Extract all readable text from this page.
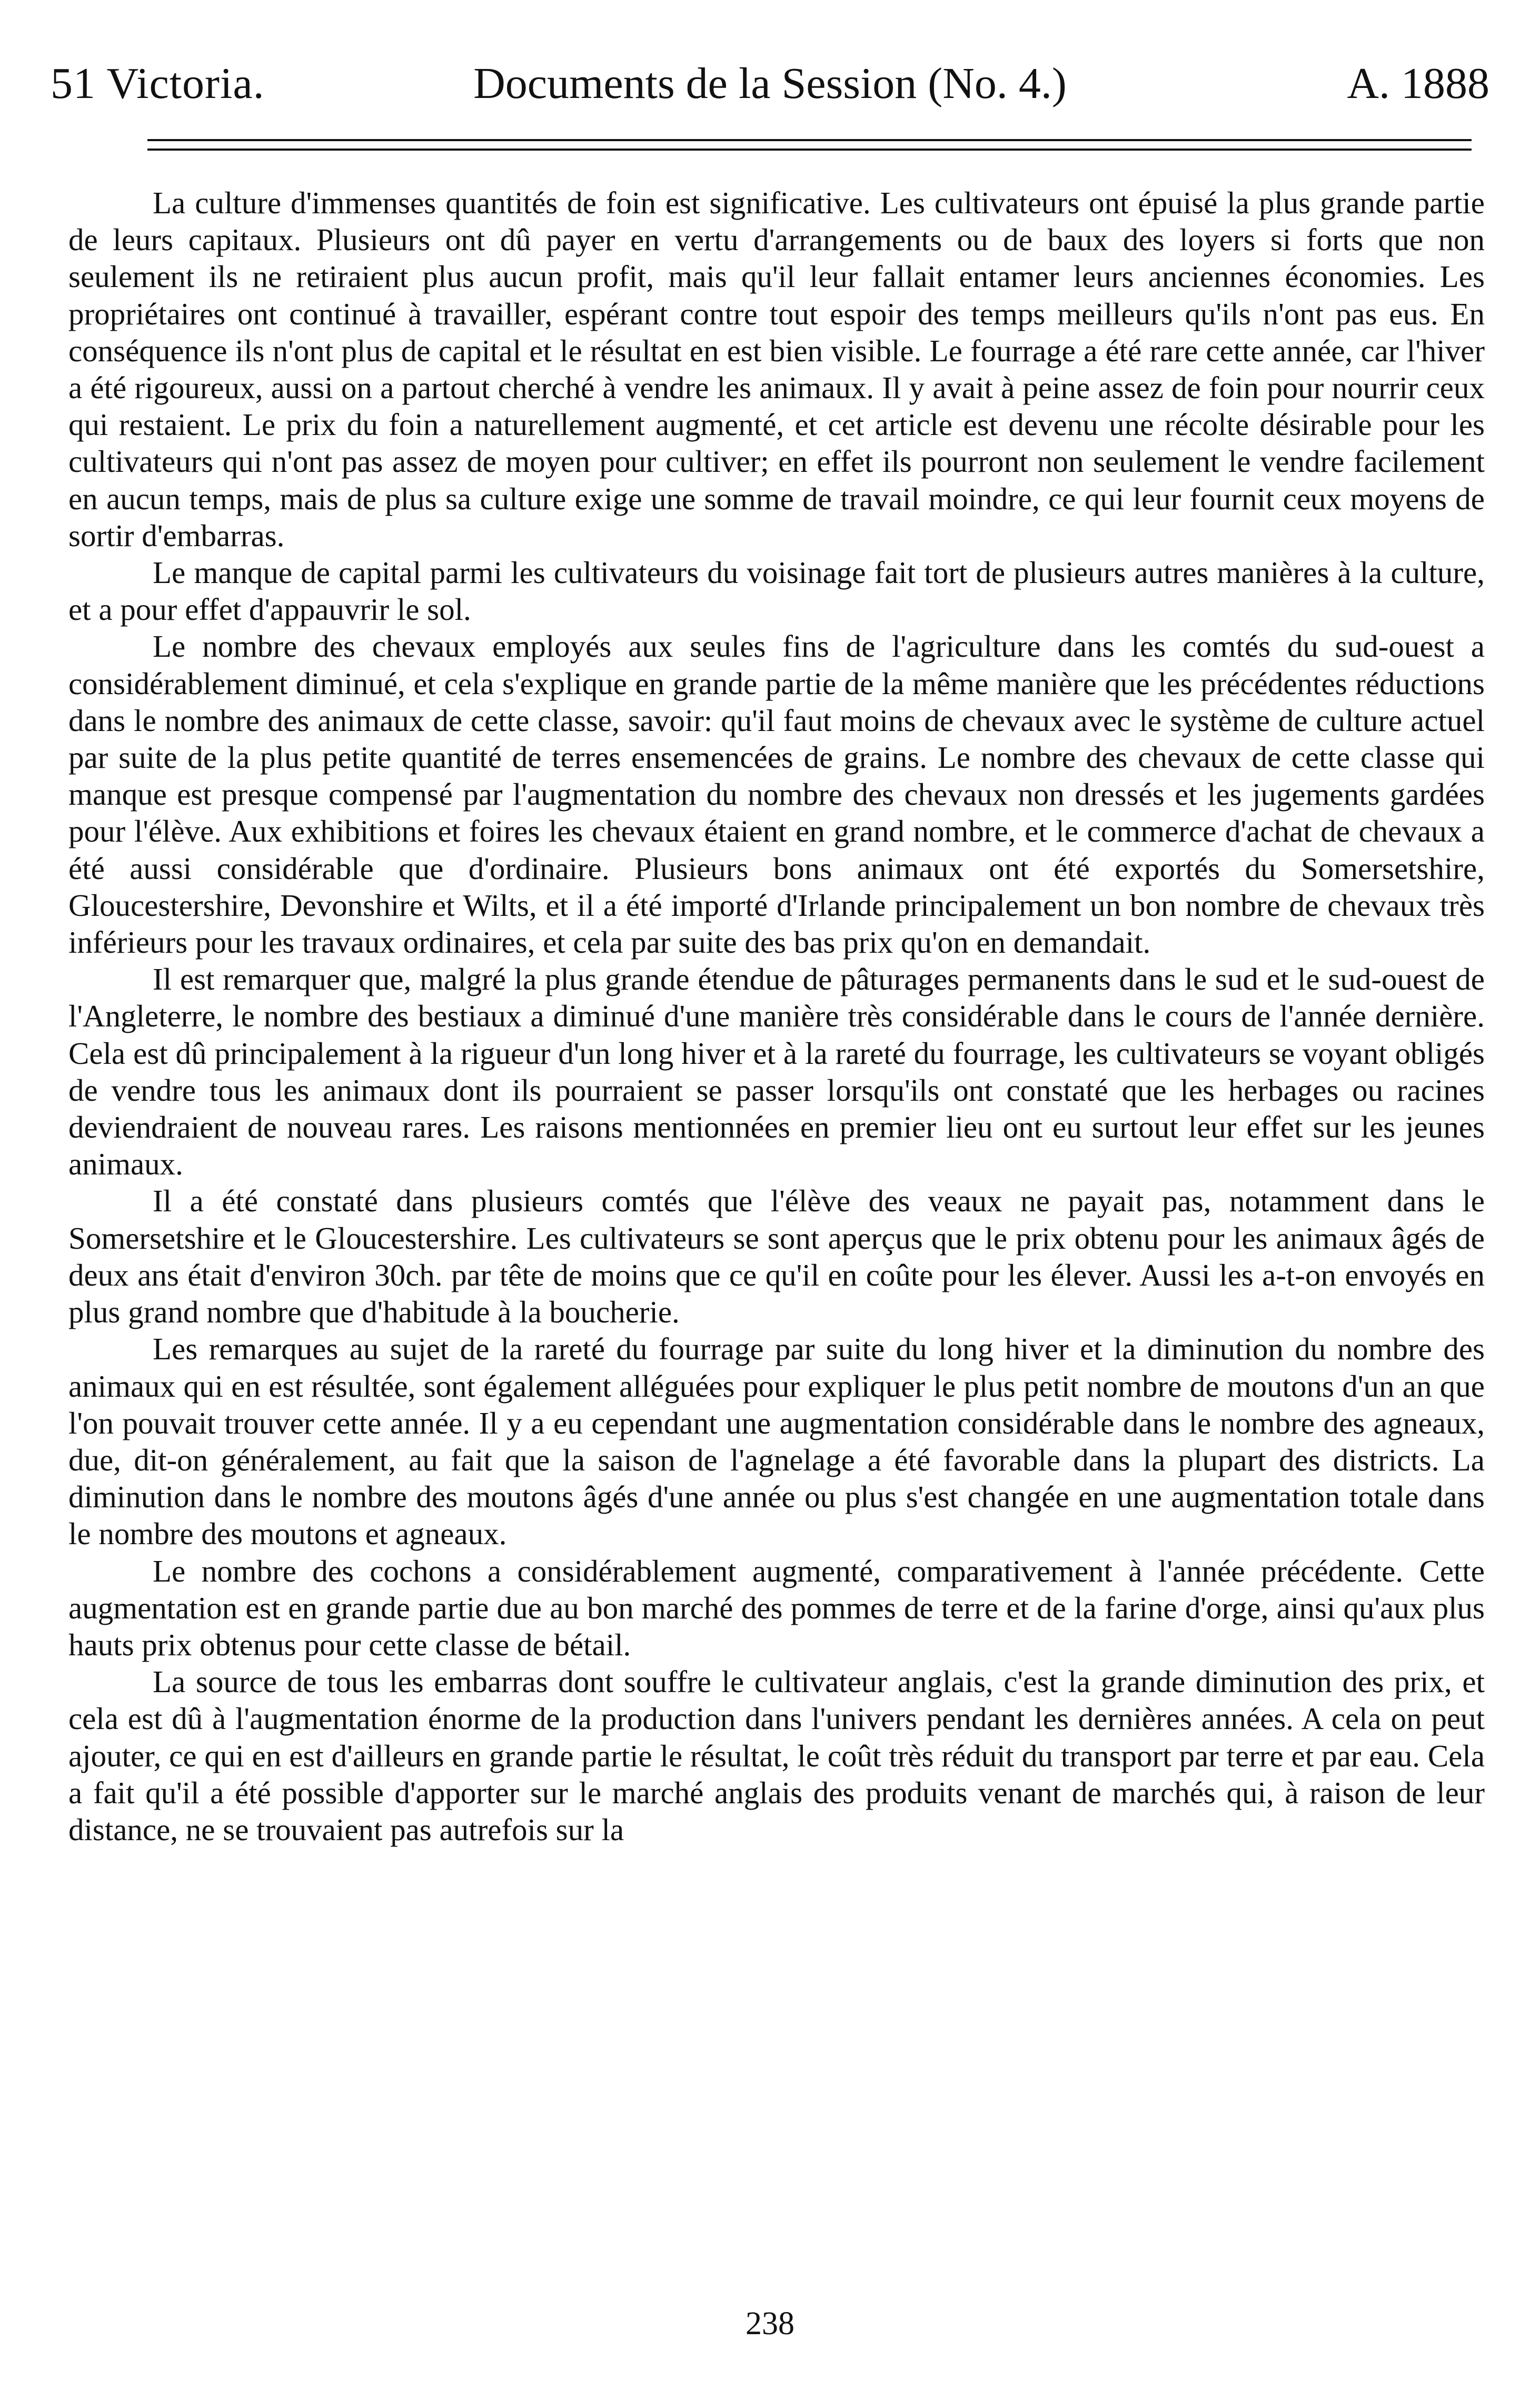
51 Victoria.	Documents de la Session (No. 4.)	A. 1888

La culture d'immenses quantités de foin est significative. Les cultivateurs ont épuisé la plus grande partie de leurs capitaux. Plusieurs ont dû payer en vertu d'arrangements ou de baux des loyers si forts que non seulement ils ne retiraient plus aucun profit, mais qu'il leur fallait entamer leurs anciennes économies. Les propriétaires ont continué à travailler, espérant contre tout espoir des temps meilleurs qu'ils n'ont pas eus. En conséquence ils n'ont plus de capital et le résultat en est bien visible. Le fourrage a été rare cette année, car l'hiver a été rigoureux, aussi on a partout cherché à vendre les animaux. Il y avait à peine assez de foin pour nourrir ceux qui restaient. Le prix du foin a naturellement augmenté, et cet article est devenu une récolte désirable pour les cultivateurs qui n'ont pas assez de moyen pour cultiver; en effet ils pourront non seulement le vendre facilement en aucun temps, mais de plus sa culture exige une somme de travail moindre, ce qui leur fournit ceux moyens de sortir d'embarras.

Le manque de capital parmi les cultivateurs du voisinage fait tort de plusieurs autres manières à la culture, et a pour effet d'appauvrir le sol.

Le nombre des chevaux employés aux seules fins de l'agriculture dans les comtés du sud-ouest a considérablement diminué, et cela s'explique en grande partie de la même manière que les précédentes réductions dans le nombre des animaux de cette classe, savoir: qu'il faut moins de chevaux avec le système de culture actuel par suite de la plus petite quantité de terres ensemencées de grains. Le nombre des chevaux de cette classe qui manque est presque compensé par l'augmentation du nombre des chevaux non dressés et les jugements gardées pour l'élève. Aux exhibitions et foires les chevaux étaient en grand nombre, et le commerce d'achat de chevaux a été aussi considérable que d'ordinaire. Plusieurs bons animaux ont été exportés du Somersetshire, Gloucestershire, Devonshire et Wilts, et il a été importé d'Irlande principalement un bon nombre de chevaux très inférieurs pour les travaux ordinaires, et cela par suite des bas prix qu'on en demandait.

Il est remarquer que, malgré la plus grande étendue de pâturages permanents dans le sud et le sud-ouest de l'Angleterre, le nombre des bestiaux a diminué d'une manière très considérable dans le cours de l'année dernière. Cela est dû principalement à la rigueur d'un long hiver et à la rareté du fourrage, les cultivateurs se voyant obligés de vendre tous les animaux dont ils pourraient se passer lorsqu'ils ont constaté que les herbages ou racines deviendraient de nouveau rares. Les raisons mentionnées en premier lieu ont eu surtout leur effet sur les jeunes animaux.

Il a été constaté dans plusieurs comtés que l'élève des veaux ne payait pas, notamment dans le Somersetshire et le Gloucestershire. Les cultivateurs se sont aperçus que le prix obtenu pour les animaux âgés de deux ans était d'environ 30ch. par tête de moins que ce qu'il en coûte pour les élever. Aussi les a-t-on envoyés en plus grand nombre que d'habitude à la boucherie.

Les remarques au sujet de la rareté du fourrage par suite du long hiver et la diminution du nombre des animaux qui en est résultée, sont également alléguées pour expliquer le plus petit nombre de moutons d'un an que l'on pouvait trouver cette année. Il y a eu cependant une augmentation considérable dans le nombre des agneaux, due, dit-on généralement, au fait que la saison de l'agnelage a été favorable dans la plupart des districts. La diminution dans le nombre des moutons âgés d'une année ou plus s'est changée en une augmentation totale dans le nombre des moutons et agneaux.

Le nombre des cochons a considérablement augmenté, comparativement à l'année précédente. Cette augmentation est en grande partie due au bon marché des pommes de terre et de la farine d'orge, ainsi qu'aux plus hauts prix obtenus pour cette classe de bétail.

La source de tous les embarras dont souffre le cultivateur anglais, c'est la grande diminution des prix, et cela est dû à l'augmentation énorme de la production dans l'univers pendant les dernières années. A cela on peut ajouter, ce qui en est d'ailleurs en grande partie le résultat, le coût très réduit du transport par terre et par eau. Cela a fait qu'il a été possible d'apporter sur le marché anglais des produits venant de marchés qui, à raison de leur distance, ne se trouvaient pas autrefois sur la

238
